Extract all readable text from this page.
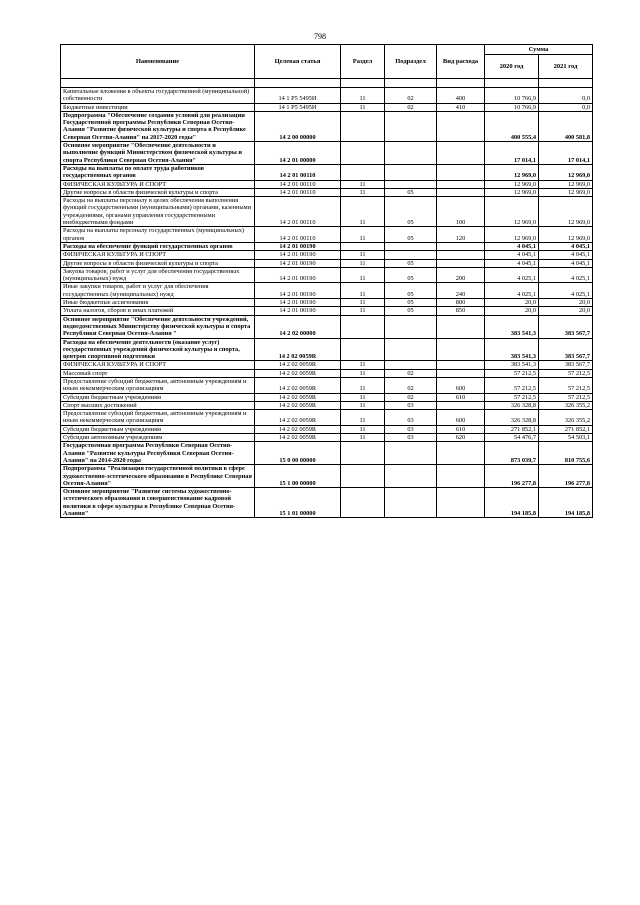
798
Наименование	Целевая статья	Раздел	Подраздел	Вид расхода	Сумма	
					2020 год	2021 год

Капитальные вложения в объекты государственной (муниципальной) собственности	14 1 P5 5495И	11	02	400	10 766,9	0,0
Бюджетные инвестиции	14 1 P5 5495И	11	02	410	10 766,9	0,0
Подпрограмма "Обеспечение создания условий для реализации Государственной программы Республики Северная Осетия-Алания "Развитие физической культуры и спорта в Республике Северная Осетия-Алания" на 2017-2020 годы"	14 2 00 00000				400 555,4	400 581,8
Основное мероприятие "Обеспечение деятельности и выполнение функций Министерством физической культуры и спорта Республики Северная Осетия-Алания"	14 2 01 00000				17 014,1	17 014,1
Расходы на выплаты по оплате труда работников государственных органов	14 2 01 00110				12 969,0	12 969,0
ФИЗИЧЕСКАЯ КУЛЬТУРА И СПОРТ	14 2 01 00110	11			12 969,0	12 969,0
Другие вопросы в области физической культуры и спорта	14 2 01 00110	11	05		12 969,0	12 969,0
Расходы на выплаты персоналу в целях обеспечения выполнения функций государственными (муниципальными) органами, казенными учреждениями, органами управления государственными внебюджетными фондами	14 2 01 00110	11	05	100	12 969,0	12 969,0
Расходы на выплаты персоналу государственных (муниципальных) органов	14 2 01 00110	11	05	120	12 969,0	12 969,0
Расходы на обеспечение функций государственных органов	14 2 01 00190				4 045,1	4 045,1
ФИЗИЧЕСКАЯ КУЛЬТУРА И СПОРТ	14 2 01 00190	11			4 045,1	4 045,1
Другие вопросы в области физической культуры и спорта	14 2 01 00190	11	05		4 045,1	4 045,1
Закупка товаров, работ и услуг для обеспечения государственных (муниципальных) нужд	14 2 01 00190	11	05	200	4 025,1	4 025,1
Иные закупки товаров, работ и услуг для обеспечения государственных (муниципальных) нужд	14 2 01 00190	11	05	240	4 025,1	4 025,1
Иные бюджетные ассигнования	14 2 01 00190	11	05	800	20,0	20,0
Уплата налогов, сборов и иных платежей	14 2 01 00190	11	05	850	20,0	20,0
Основное мероприятие "Обеспечение деятельности учреждений, подведомственных Министерству физической культуры и спорта Республики Северная Осетия-Алания "	14 2 02 00000				383 541,3	383 567,7
Расходы на обеспечение деятельности (оказание услуг) государственных учреждений физической культуры и спорта, центров спортивной подготовки	14 2 02 0059R				383 541,3	383 567,7
ФИЗИЧЕСКАЯ КУЛЬТУРА И СПОРТ	14 2 02 0059R	11			383 541,3	383 567,7
Массовый спорт	14 2 02 0059R	11	02		57 212,5	57 212,5
Предоставление субсидий бюджетным, автономным учреждениям и иным некоммерческим организациям	14 2 02 0059R	11	02	600	57 212,5	57 212,5
Субсидии бюджетным учреждениям	14 2 02 0059R	11	02	610	57 212,5	57 212,5
Спорт высших достижений	14 2 02 0059R	11	03		326 328,8	326 355,2
Предоставление субсидий бюджетным, автономным учреждениям и иным некоммерческим организациям	14 2 02 0059R	11	03	600	326 328,8	326 355,2
Субсидии бюджетным учреждениям	14 2 02 0059R	11	03	610	271 852,1	271 852,1
Субсидии автономным учреждениям	14 2 02 0059R	11	03	620	54 476,7	54 503,1
Государственная программа Республики Северная Осетия-Алания "Развитие культуры Республики Северная Осетия-Алания" на 2014-2020 годы	15 0 00 00000				873 039,7	810 755,6
Подпрограмма "Реализация государственной политики в сфере художественно-эстетического образования в Республике Северная Осетия-Алания"	15 1 00 00000				196 277,8	196 277,8
Основное мероприятие "Развитие системы художественно-эстетического образования и совершенствование кадровой политики в сфере культуры в Республике Северная Осетия-Алания"	15 1 01 00000				194 185,8	194 185,8
